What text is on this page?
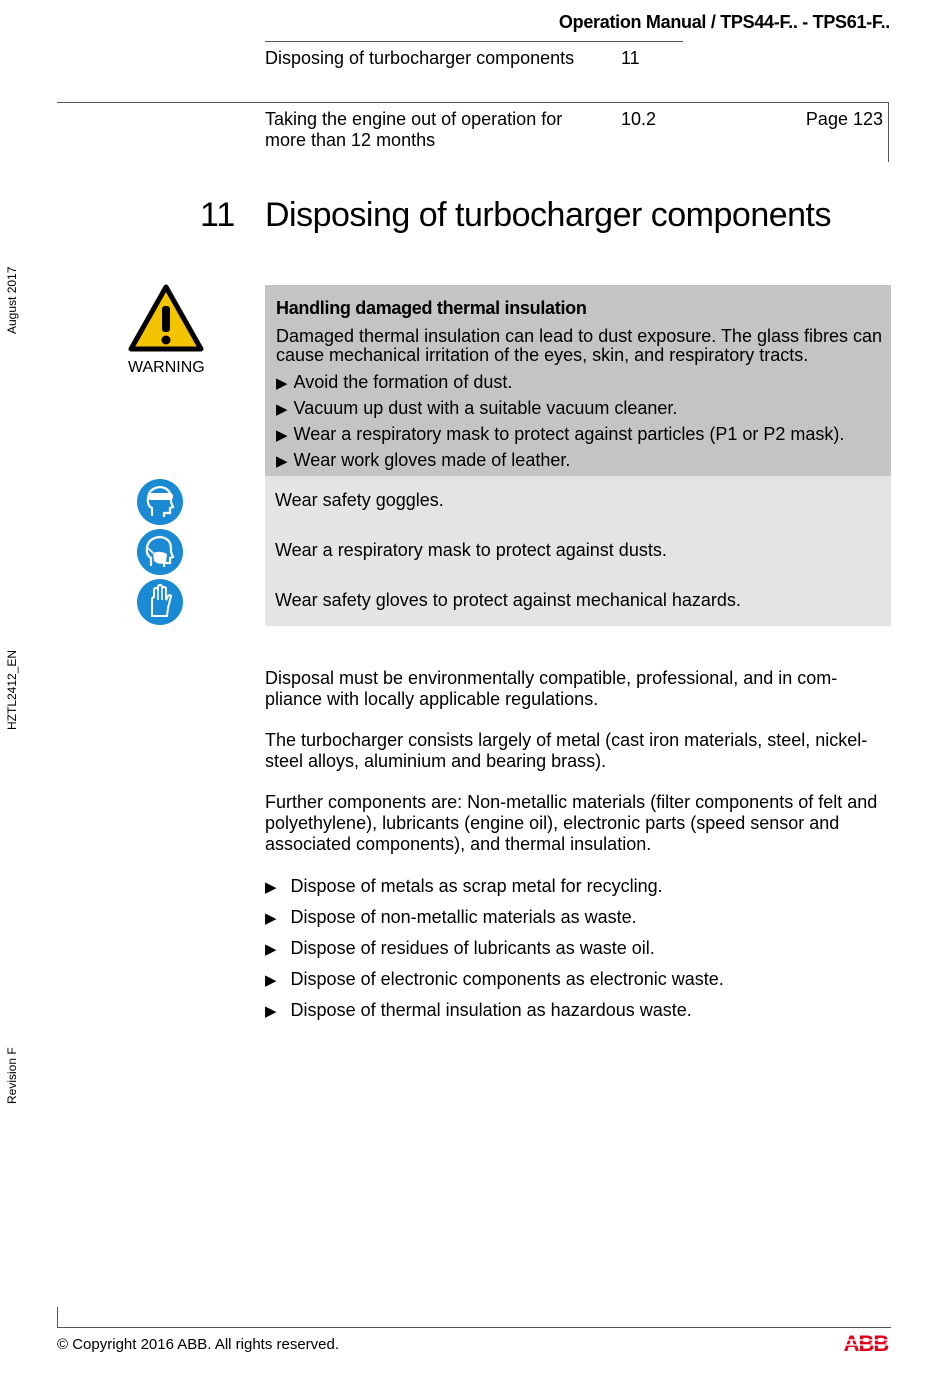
Operation Manual / TPS44-F.. - TPS61-F..
Disposing of turbocharger components	11
Taking the engine out of operation for more than 12 months
10.2	Page 123
August 2017
HZTL2412_EN
Revision F
11 Disposing of turbocharger components
WARNING
Handling damaged thermal insulation
Damaged thermal insulation can lead to dust exposure. The glass fibres can cause mechanical irritation of the eyes, skin, and respiratory tracts.
▶ Avoid the formation of dust.
▶ Vacuum up dust with a suitable vacuum cleaner.
▶ Wear a respiratory mask to protect against particles (P1 or P2 mask).
▶ Wear work gloves made of leather.
Wear safety goggles.
Wear a respiratory mask to protect against dusts.
Wear safety gloves to protect against mechanical hazards.
Disposal must be environmentally compatible, professional, and in com-pliance with locally applicable regulations.
The turbocharger consists largely of metal (cast iron materials, steel, nickel-steel alloys, aluminium and bearing brass).
Further components are: Non-metallic materials (filter components of felt and polyethylene), lubricants (engine oil), electronic parts (speed sensor and associated components), and thermal insulation.
▶ Dispose of metals as scrap metal for recycling.
▶ Dispose of non-metallic materials as waste.
▶ Dispose of residues of lubricants as waste oil.
▶ Dispose of electronic components as electronic waste.
▶ Dispose of thermal insulation as hazardous waste.
© Copyright 2016 ABB. All rights reserved.	ABB
